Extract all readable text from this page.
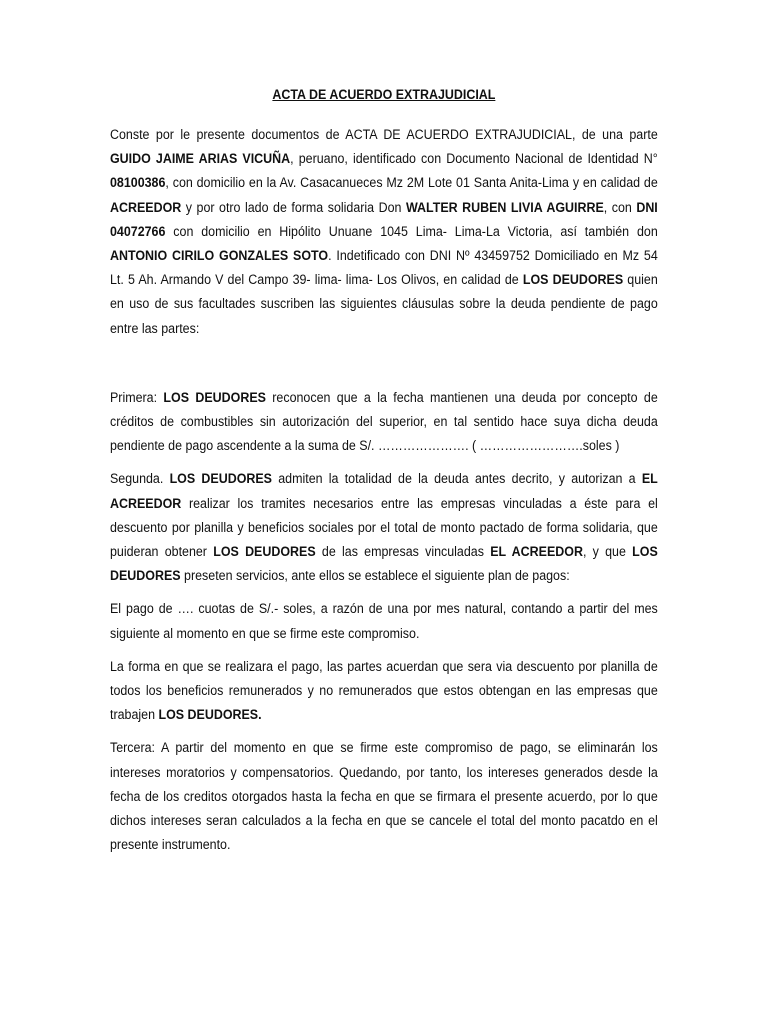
ACTA DE ACUERDO EXTRAJUDICIAL

Conste por le presente documentos de ACTA DE ACUERDO EXTRAJUDICIAL, de una parte GUIDO JAIME ARIAS VICUÑA, peruano, identificado con Documento Nacional de Identidad N° 08100386, con domicilio en la Av. Casacanueces Mz 2M Lote 01 Santa Anita-Lima y en calidad de ACREEDOR y por otro lado de forma solidaria Don WALTER RUBEN LIVIA AGUIRRE, con DNI 04072766 con domicilio en Hipólito Unuane 1045 Lima- Lima-La Victoria, así también don ANTONIO CIRILO GONZALES SOTO. Indetificado con DNI Nº 43459752 Domiciliado en Mz 54 Lt. 5 Ah. Armando V del Campo 39- lima- lima- Los Olivos, en calidad de LOS DEUDORES quien en uso de sus facultades suscriben las siguientes cláusulas sobre la deuda pendiente de pago entre las partes:

Primera: LOS DEUDORES reconocen que a la fecha mantienen una deuda por concepto de créditos de combustibles sin autorización del superior, en tal sentido hace suya dicha deuda pendiente de pago ascendente a la suma de S/. …………………. ( …………………….soles )

Segunda. LOS DEUDORES admiten la totalidad de la deuda antes decrito, y autorizan a EL ACREEDOR realizar los tramites necesarios entre las empresas vinculadas a éste para el descuento por planilla y beneficios sociales por el total de monto pactado de forma solidaria, que puideran obtener LOS DEUDORES de las empresas vinculadas EL ACREEDOR, y que LOS DEUDORES preseten servicios, ante ellos se establece el siguiente plan de pagos:

El pago de …. cuotas de S/.- soles, a razón de una por mes natural, contando a partir del mes siguiente al momento en que se firme este compromiso.

La forma en que se realizara el pago, las partes acuerdan que sera via descuento por planilla de todos los beneficios remunerados y no remunerados que estos obtengan en las empresas que trabajen LOS DEUDORES.

Tercera: A partir del momento en que se firme este compromiso de pago, se eliminarán los intereses moratorios y compensatorios. Quedando, por tanto, los intereses generados desde la fecha de los creditos otorgados hasta la fecha en que se firmara el presente acuerdo, por lo que dichos intereses seran calculados a la fecha en que se cancele el total del monto pacatdo en el presente instrumento.
